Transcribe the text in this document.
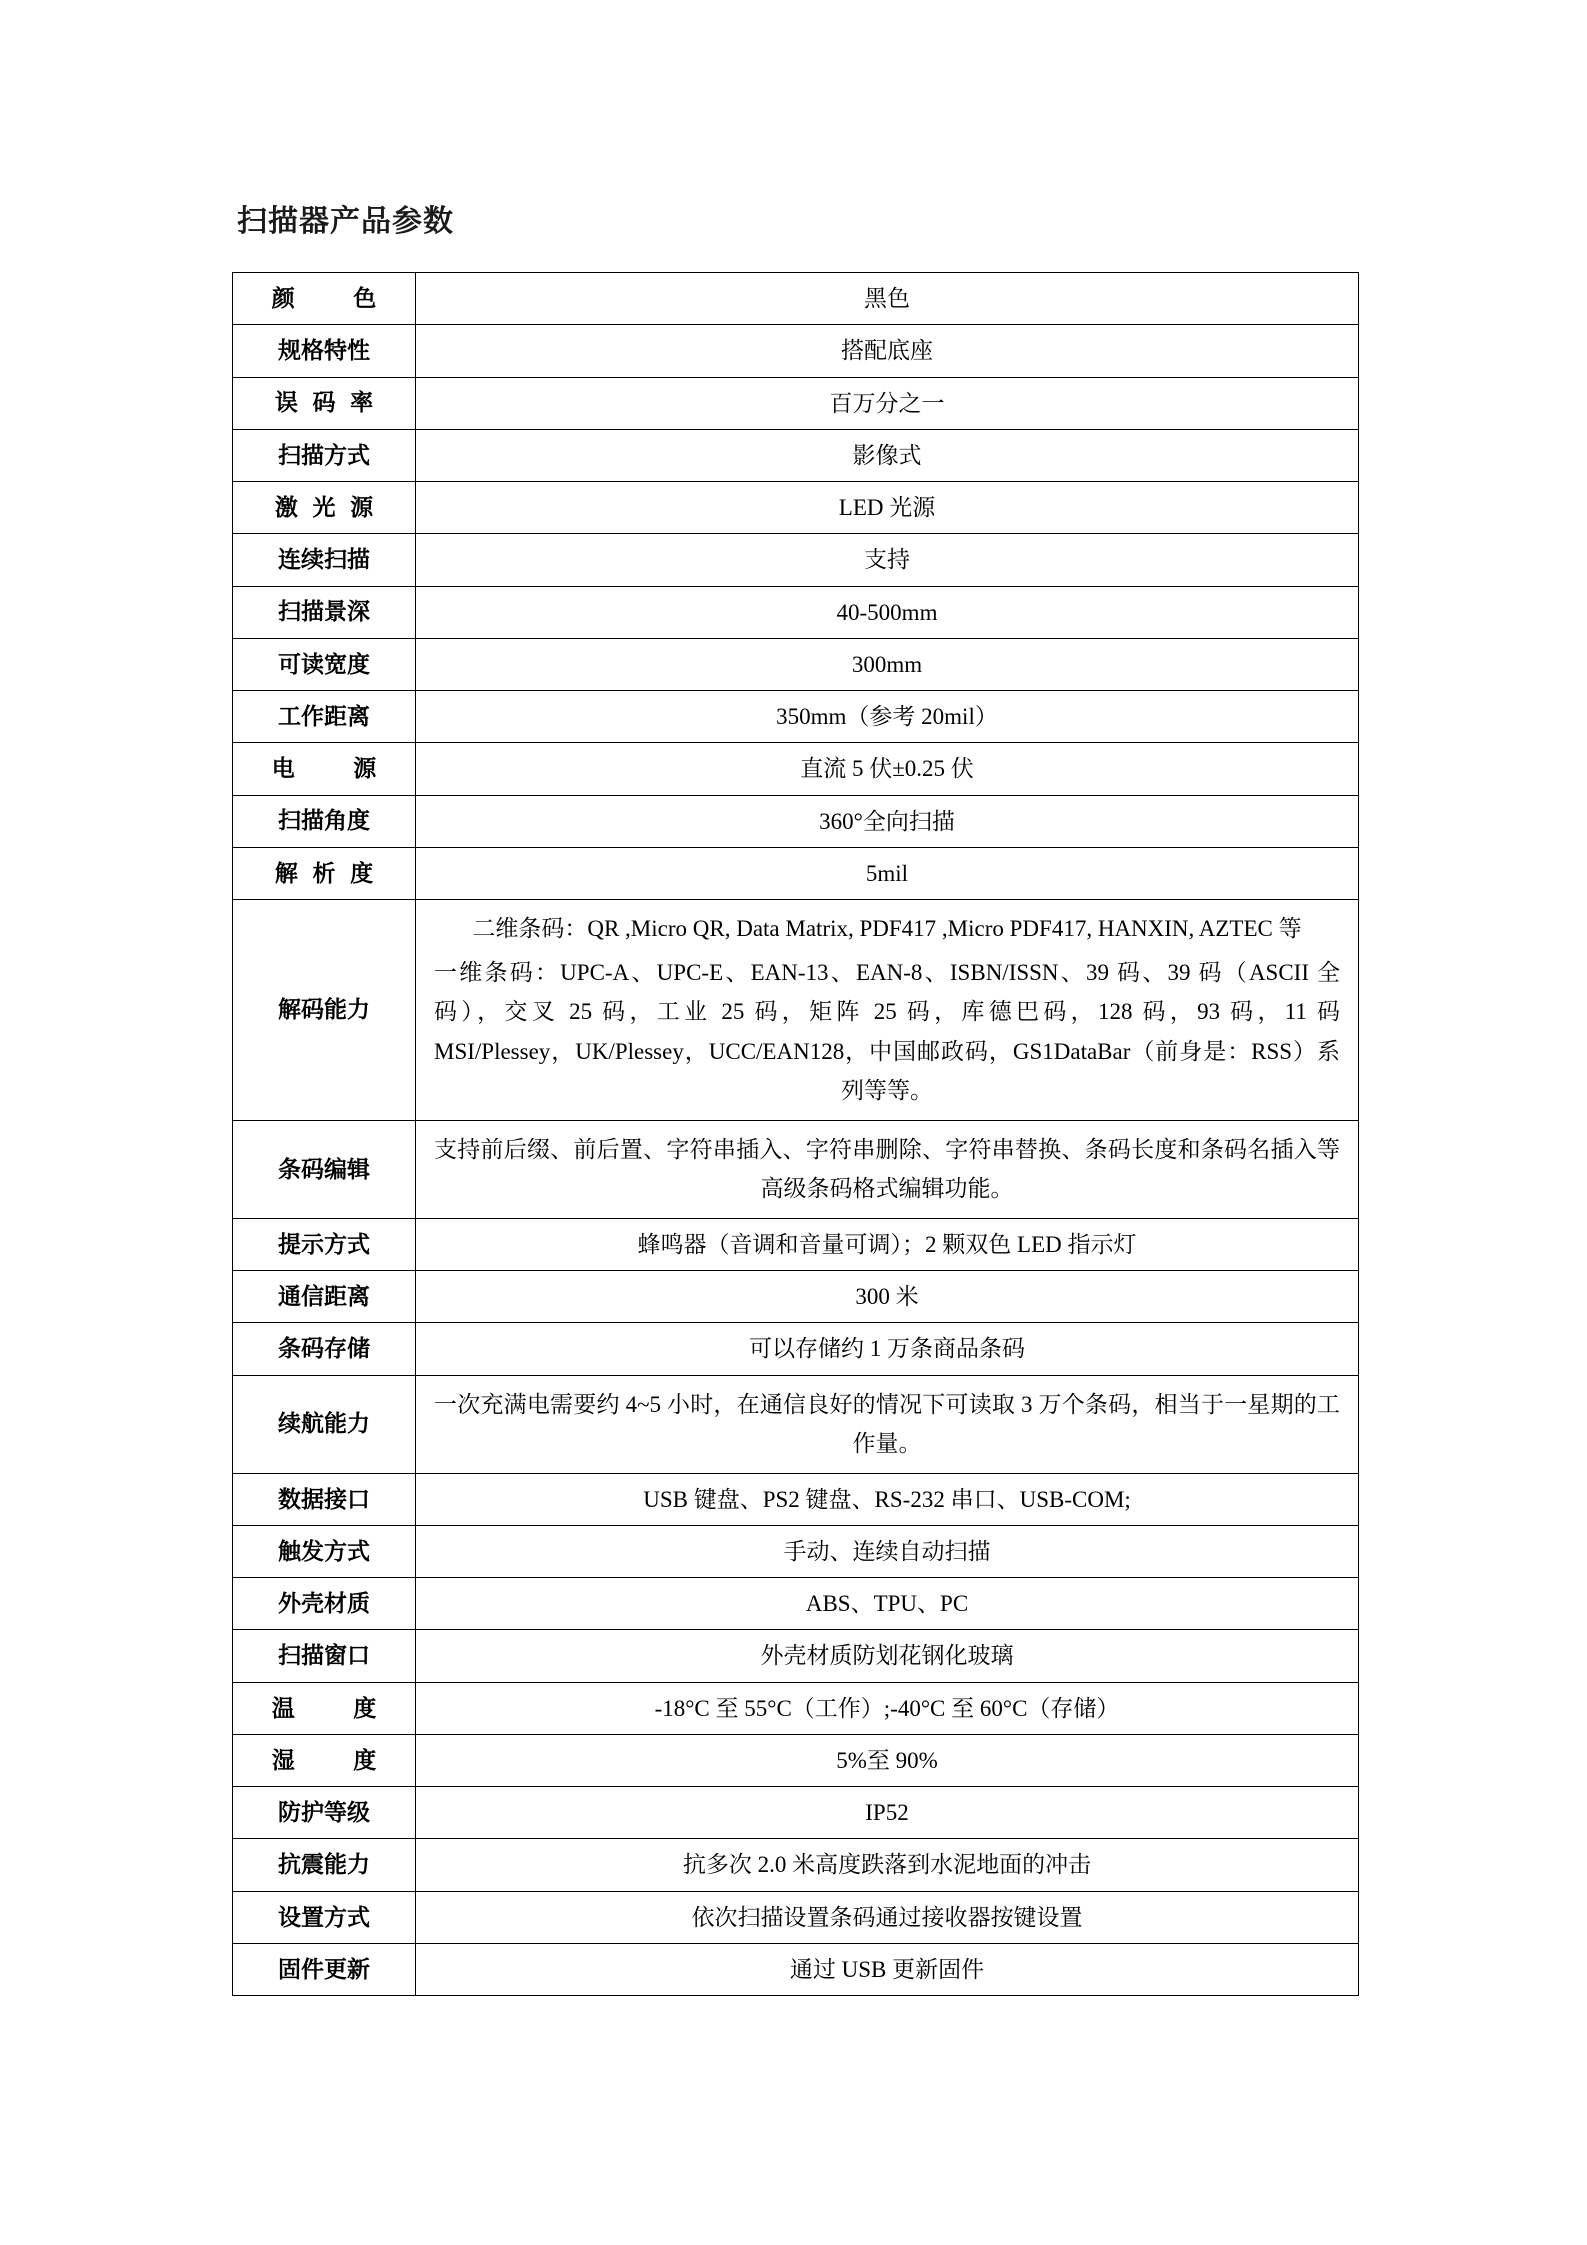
扫描器产品参数
颜　　色	黑色
规格特性	搭配底座
误 码 率	百万分之一
扫描方式	影像式
激 光 源	LED 光源
连续扫描	支持
扫描景深	40-500mm
可读宽度	300mm
工作距离	350mm（参考 20mil）
电　　源	直流 5 伏±0.25 伏
扫描角度	360°全向扫描
解 析 度	5mil
解码能力	二维条码：QR ,Micro QR, Data Matrix, PDF417 ,Micro PDF417, HANXIN, AZTEC 等

一维条码：UPC-A、UPC-E、EAN-13、EAN-8、ISBN/ISSN、39 码、39 码（ASCII 全码），交叉 25 码，工业 25 码，矩阵 25 码，库德巴码，128 码，93 码，11 码 MSI/Plessey，UK/Plessey，UCC/EAN128，中国邮政码，GS1DataBar（前身是：RSS）系列等等。

条码编辑	支持前后缀、前后置、字符串插入、字符串删除、字符串替换、条码长度和条码名插入等高级条码格式编辑功能。

提示方式	蜂鸣器（音调和音量可调）；2 颗双色 LED 指示灯
通信距离	300 米
条码存储	可以存储约 1 万条商品条码
续航能力	一次充满电需要约 4~5 小时，在通信良好的情况下可读取 3 万个条码，相当于一星期的工作量。

数据接口	USB 键盘、PS2 键盘、RS-232 串口、USB-COM;
触发方式	手动、连续自动扫描
外壳材质	ABS、TPU、PC
扫描窗口	外壳材质防划花钢化玻璃
温　　度	-18°C 至 55°C（工作）;-40°C 至 60°C（存储）
湿　　度	5%至 90%
防护等级	IP52
抗震能力	抗多次 2.0 米高度跌落到水泥地面的冲击
设置方式	依次扫描设置条码通过接收器按键设置
固件更新	通过 USB 更新固件
